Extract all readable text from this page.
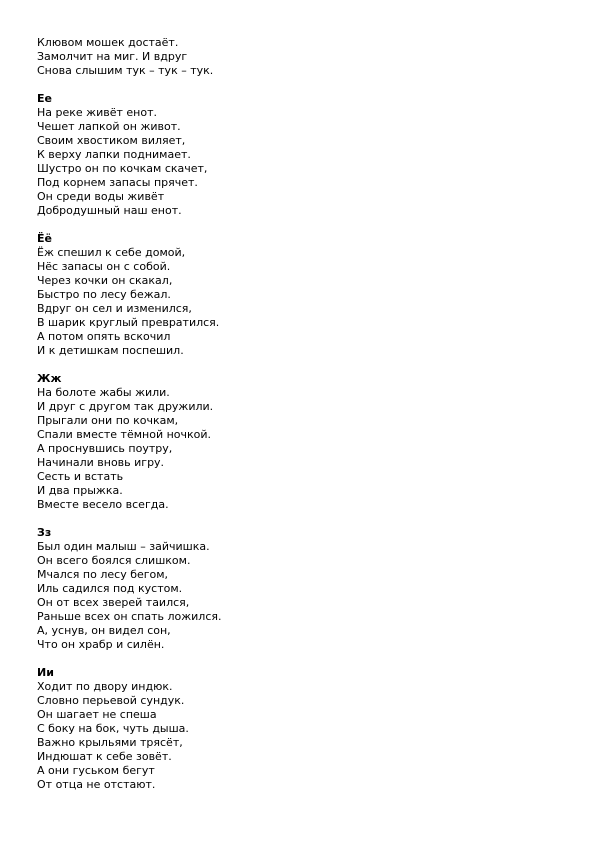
Клювом мошек достаёт.
Замолчит на миг. И вдруг
Снова слышим тук – тук – тук.
Ее
На реке живёт енот.
Чешет лапкой он живот.
Своим хвостиком виляет,
К верху лапки поднимает.
Шустро он по кочкам скачет,
Под корнем запасы прячет.
Он среди воды живёт
Добродушный наш енот.
Ёё
Ёж спешил к себе домой,
Нёс запасы он с собой.
Через кочки он скакал,
Быстро по лесу бежал.
Вдруг он сел и изменился,
В шарик круглый превратился.
А потом опять вскочил
И к детишкам поспешил.
Жж
На болоте жабы жили.
И друг с другом так дружили.
Прыгали они по кочкам,
Спали вместе тёмной ночкой.
А проснувшись поутру,
Начинали вновь игру.
Сесть и встать
И два прыжка.
Вместе весело всегда.
Зз
Был один малыш – зайчишка.
Он всего боялся слишком.
Мчался по лесу бегом,
Иль садился под кустом.
Он от всех зверей таился,
Раньше всех он спать ложился.
А, уснув, он видел сон,
Что он храбр и силён.
Ии
Ходит по двору индюк.
Словно перьевой сундук.
Он шагает не спеша
С боку на бок, чуть дыша.
Важно крыльями трясёт,
Индюшат к себе зовёт.
А они гуськом бегут
От отца не отстают.
